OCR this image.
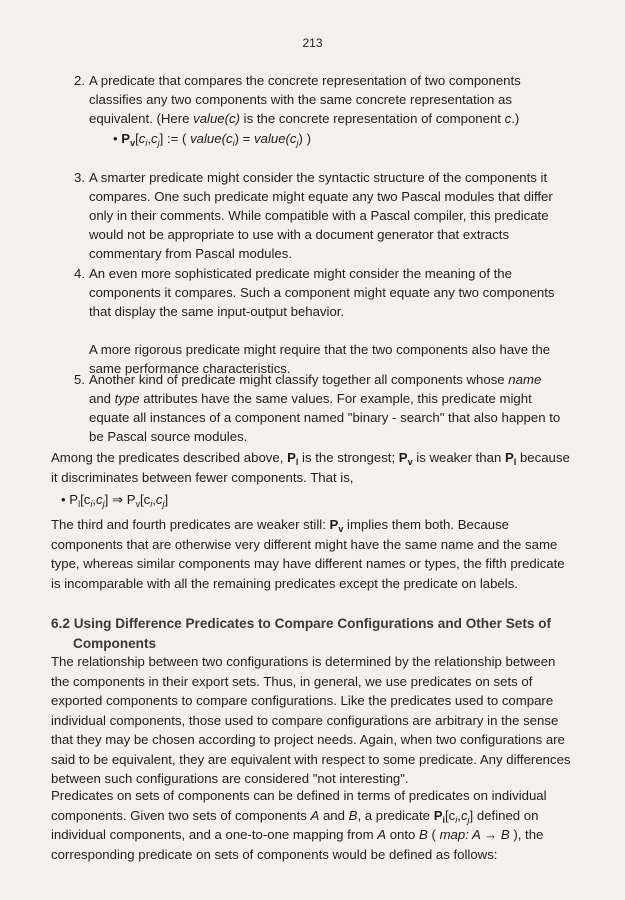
213
2. A predicate that compares the concrete representation of two components classifies any two components with the same concrete representation as equivalent. (Here value(c) is the concrete representation of component c.)
• $P_v[c_i,c_j]$ := ( $value(c_i)$ = $value(c_j)$ )
3. A smarter predicate might consider the syntactic structure of the components it compares. One such predicate might equate any two Pascal modules that differ only in their comments. While compatible with a Pascal compiler, this predicate would not be appropriate to use with a document generator that extracts commentary from Pascal modules.
4. An even more sophisticated predicate might consider the meaning of the components it compares. Such a component might equate any two components that display the same input-output behavior.
A more rigorous predicate might require that the two components also have the same performance characteristics.
5. Another kind of predicate might classify together all components whose name and type attributes have the same values. For example, this predicate might equate all instances of a component named "binary - search" that also happen to be Pascal source modules.
Among the predicates described above, $P_l$ is the strongest; $P_v$ is weaker than $P_l$ because it discriminates between fewer components. That is,
• $P_l[c_i,c_j]$ ⇒ $P_v[c_i,c_j]$
The third and fourth predicates are weaker still: $P_v$ implies them both. Because components that are otherwise very different might have the same name and the same type, whereas similar components may have different names or types, the fifth predicate is incomparable with all the remaining predicates except the predicate on labels.
6.2 Using Difference Predicates to Compare Configurations and Other Sets of
Components
The relationship between two configurations is determined by the relationship between the components in their export sets. Thus, in general, we use predicates on sets of exported components to compare configurations. Like the predicates used to compare individual components, those used to compare configurations are arbitrary in the sense that they may be chosen according to project needs. Again, when two configurations are said to be equivalent, they are equivalent with respect to some predicate. Any differences between such configurations are considered "not interesting".
Predicates on sets of components can be defined in terms of predicates on individual components. Given two sets of components A and B, a predicate $P_i[c_i,c_j]$ defined on individual components, and a one-to-one mapping from A onto B ( map: A → B ), the corresponding predicate on sets of components would be defined as follows:
